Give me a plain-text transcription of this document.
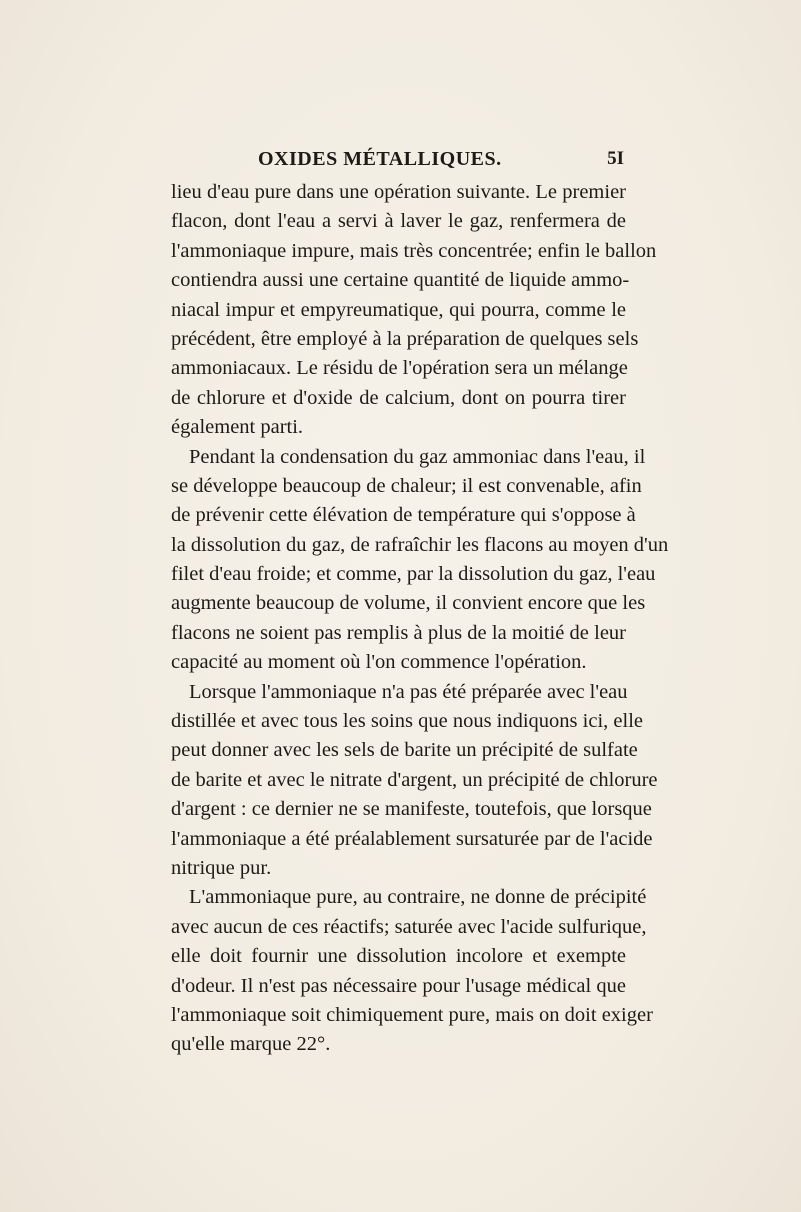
OXIDES MÉTALLIQUES.	5I
lieu d'eau pure dans une opération suivante. Le premier
flacon, dont l'eau a servi à laver le gaz, renfermera de
l'ammoniaque impure, mais très concentrée; enfin le ballon
contiendra aussi une certaine quantité de liquide ammo-
niacal impur et empyreumatique, qui pourra, comme le
précédent, être employé à la préparation de quelques sels
ammoniacaux. Le résidu de l'opération sera un mélange
de chlorure et d'oxide de calcium, dont on pourra tirer
également parti.
Pendant la condensation du gaz ammoniac dans l'eau, il
se développe beaucoup de chaleur; il est convenable, afin
de prévenir cette élévation de température qui s'oppose à
la dissolution du gaz, de rafraîchir les flacons au moyen d'un
filet d'eau froide; et comme, par la dissolution du gaz, l'eau
augmente beaucoup de volume, il convient encore que les
flacons ne soient pas remplis à plus de la moitié de leur
capacité au moment où l'on commence l'opération.
Lorsque l'ammoniaque n'a pas été préparée avec l'eau
distillée et avec tous les soins que nous indiquons ici, elle
peut donner avec les sels de barite un précipité de sulfate
de barite et avec le nitrate d'argent, un précipité de chlorure
d'argent : ce dernier ne se manifeste, toutefois, que lorsque
l'ammoniaque a été préalablement sursaturée par de l'acide
nitrique pur.
L'ammoniaque pure, au contraire, ne donne de précipité
avec aucun de ces réactifs; saturée avec l'acide sulfurique,
elle doit fournir une dissolution incolore et exempte
d'odeur. Il n'est pas nécessaire pour l'usage médical que
l'ammoniaque soit chimiquement pure, mais on doit exiger
qu'elle marque 22°.
